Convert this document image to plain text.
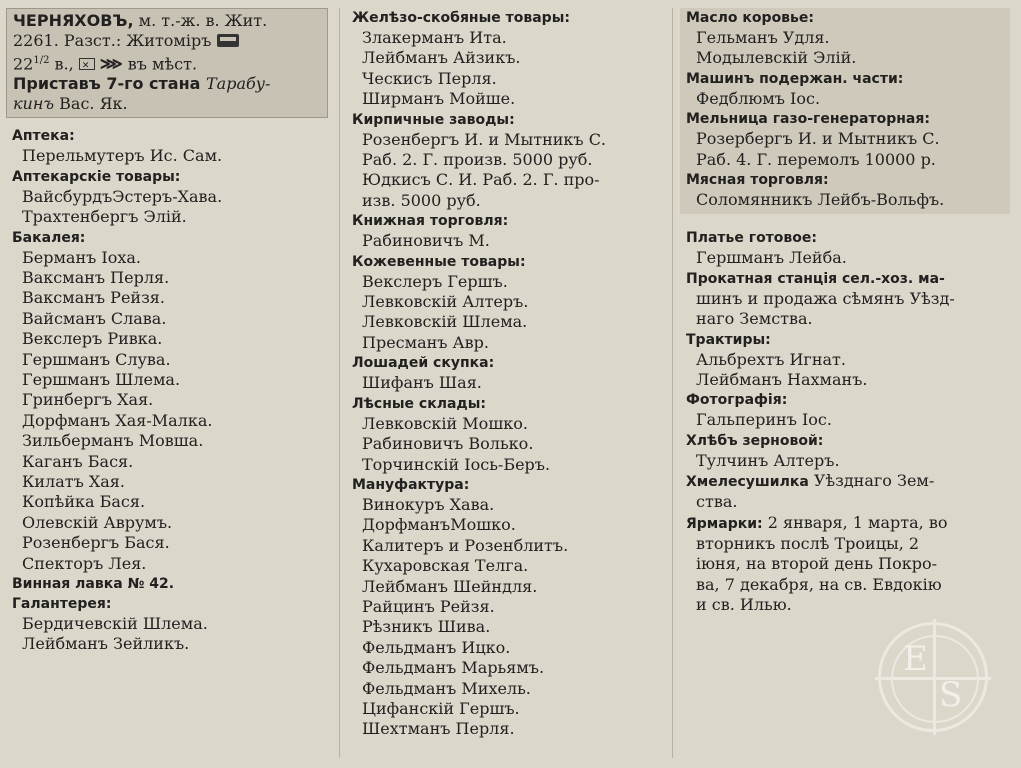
ЧЕРНЯХОВЪ, м. т.-ж. в. Жит.
2261. Разст.: Житоміръ
$22^{1/2}$ в., ✕ ⋙ въ мѣст.
Приставъ 7-го стана Тарабу-
кинъ Вас. Як.
Аптека:
Перельмутеръ Ис. Сам.
Аптекарскіе товары:
ВайсбурдъЭстеръ-Хава.
Трахтенбергъ Элій.
Бакалея:
Берманъ Іоха.
Ваксманъ Перля.
Ваксманъ Рейзя.
Вайсманъ Слава.
Векслеръ Ривка.
Гершманъ Слува.
Гершманъ Шлема.
Гринбергъ Хая.
Дорфманъ Хая-Малка.
Зильберманъ Мовша.
Каганъ Бася.
Килатъ Хая.
Копѣйка Бася.
Олевскій Аврумъ.
Розенбергъ Бася.
Спекторъ Лея.
Винная лавка № 42.
Галантерея:
Бердичевскій Шлема.
Лейбманъ Зейликъ.
Желѣзо-скобяные товары:
Злакерманъ Ита.
Лейбманъ Айзикъ.
Ческисъ Перля.
Ширманъ Мойше.
Кирпичные заводы:
Розенбергъ И. и Мытникъ С.
Раб. 2. Г. произв. 5000 руб.
Юдкисъ С. И. Раб. 2. Г. про-
изв. 5000 руб.
Книжная торговля:
Рабиновичъ М.
Кожевенные товары:
Векслеръ Гершъ.
Левковскій Алтеръ.
Левковскій Шлема.
Пресманъ Авр.
Лошадей скупка:
Шифанъ Шая.
Лѣсные склады:
Левковскій Мошко.
Рабиновичъ Волько.
Торчинскій Іось-Беръ.
Мануфактура:
Винокуръ Хава.
ДорфманъМошко.
Калитеръ и Розенблитъ.
Кухаровская Телга.
Лейбманъ Шейндля.
Райцинъ Рейзя.
Рѣзникъ Шива.
Фельдманъ Ицко.
Фельдманъ Марьямъ.
Фельдманъ Михель.
Цифанскій Гершъ.
Шехтманъ Перля.
Масло коровье:
Гельманъ Удля.
Модылевскій Элій.
Машинъ подержан. части:
Федблюмъ Іос.
Мельница газо-генераторная:
Розербергъ И. и Мытникъ С.
Раб. 4. Г. перемолъ 10000 р.
Мясная торговля:
Соломянникъ Лейбъ-Вольфъ.
Платье готовое:
Гершманъ Лейба.
Прокатная станція сел.-хоз. ма-
шинъ и продажа сѣмянъ Уѣзд-
наго Земства.
Трактиры:
Альбрехтъ Игнат.
Лейбманъ Нахманъ.
Фотографія:
Гальперинъ Іос.
Хлѣбъ зерновой:
Тулчинъ Алтеръ.
Хмелесушилка Уѣзднаго Зем-
ства.
Ярмарки: 2 января, 1 марта, во
вторникъ послѣ Троицы, 2
іюня, на второй день Покро-
ва, 7 декабря, на св. Евдокію
и св. Илью.
E
S
